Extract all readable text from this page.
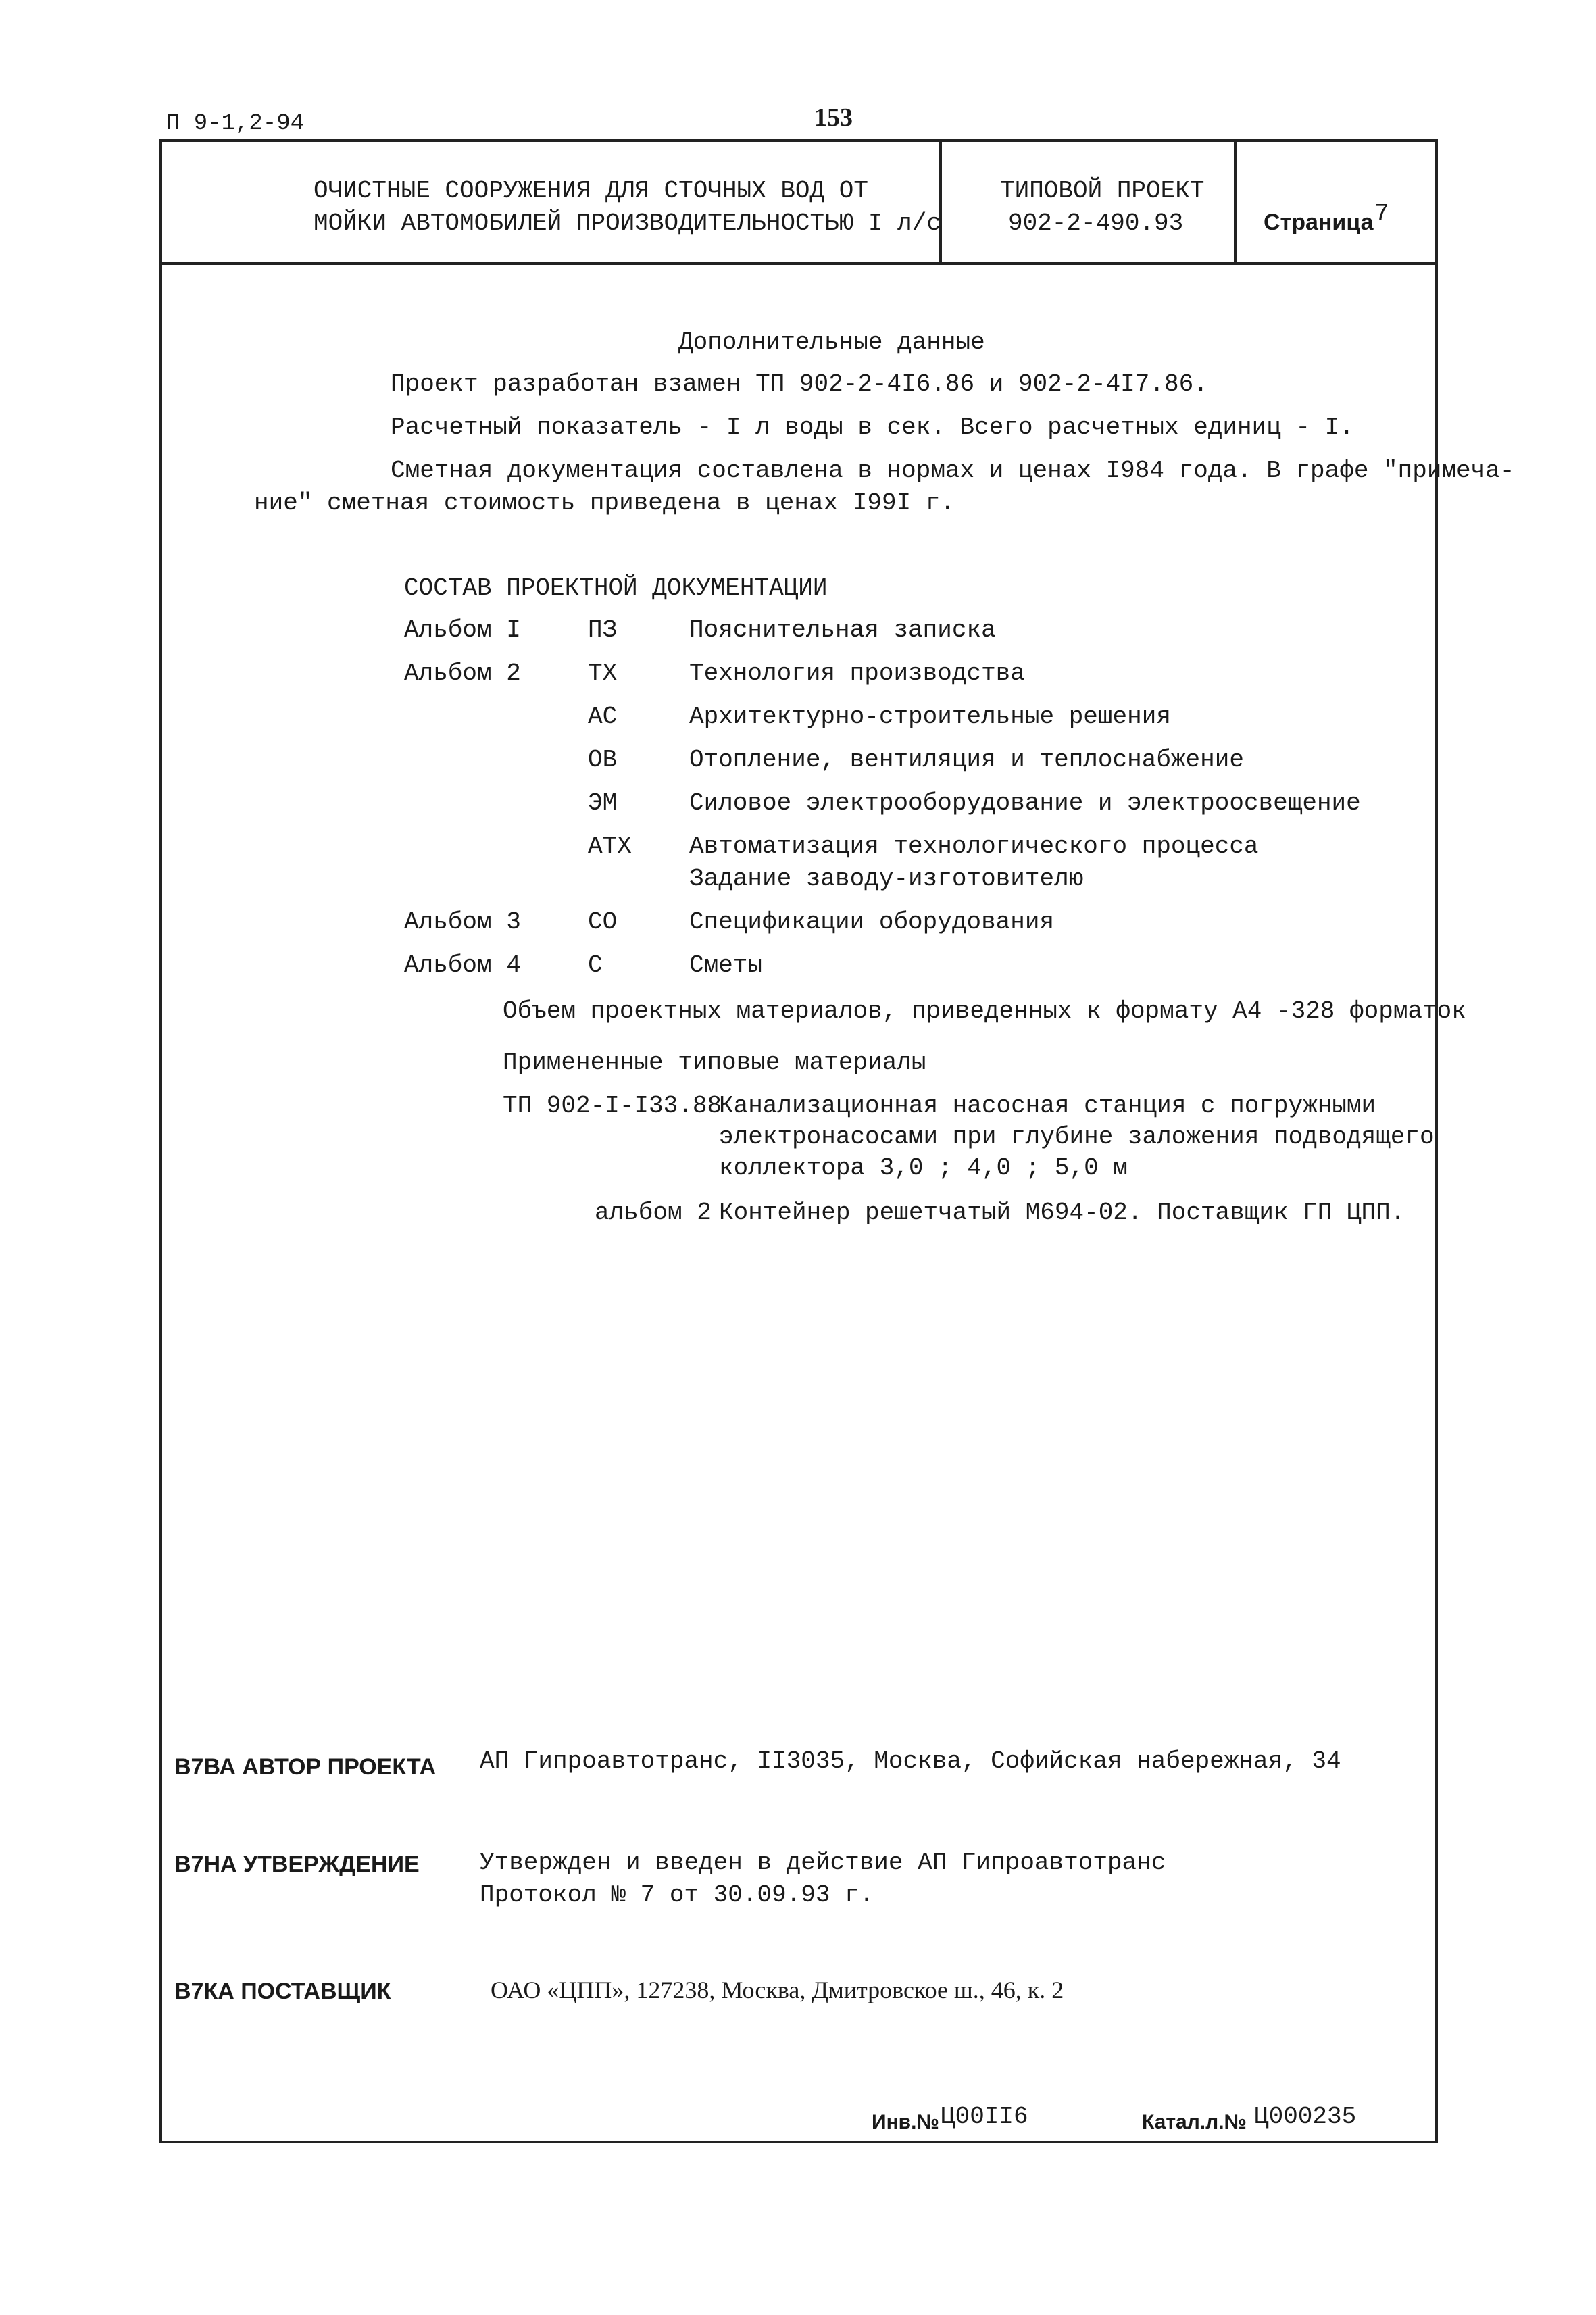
П 9-1,2-94	153
ОЧИСТНЫЕ СООРУЖЕНИЯ ДЛЯ СТОЧНЫХ ВОД ОТ
МОЙКИ АВТОМОБИЛЕЙ ПРОИЗВОДИТЕЛЬНОСТЬЮ I л/с
ТИПОВОЙ ПРОЕКТ
902-2-490.93	Страница 7
Дополнительные данные
Проект разработан взамен ТП 902-2-4I6.86 и 902-2-4I7.86.
Расчетный показатель - I л воды в сек. Всего расчетных единиц - I.
Сметная документация составлена в нормах и ценах I984 года. В графе "примеча-
ние" сметная стоимость приведена в ценах I99I г.
СОСТАВ ПРОЕКТНОЙ ДОКУМЕНТАЦИИ
Альбом I	ПЗ	Пояснительная записка
Альбом 2	ТХ	Технология производства
АС	Архитектурно-строительные решения
ОВ	Отопление, вентиляция и теплоснабжение
ЭМ	Силовое электрооборудование и электроосвещение
АТХ Автоматизация технологического процесса
Задание заводу-изготовителю
Альбом 3	СО	Спецификации оборудования
Альбом 4	С	Сметы
Объем проектных материалов, приведенных к формату А4 -328 форматок
Примененные типовые материалы
ТП 902-I-I33.88
Канализационная насосная станция с погружными
электронасосами при глубине заложения подводящего
коллектора 3,0 ; 4,0 ; 5,0 м
альбом 2 Контейнер решетчатый М694-02. Поставщик ГП ЦПП.
В7ВА АВТОР ПРОЕКТА АП Гипроавтотранс, II3035, Москва, Софийская набережная, 34
В7НА УТВЕРЖДЕНИЕ Утвержден и введен в действие АП Гипроавтотранс
Протокол № 7 от 30.09.93 г.
В7КА ПОСТАВЩИК	ОАО «ЦПП», 127238, Москва, Дмитровское ш., 46, к. 2
Инв.№ Ц00II6	Катал.л.№ Ц000235
